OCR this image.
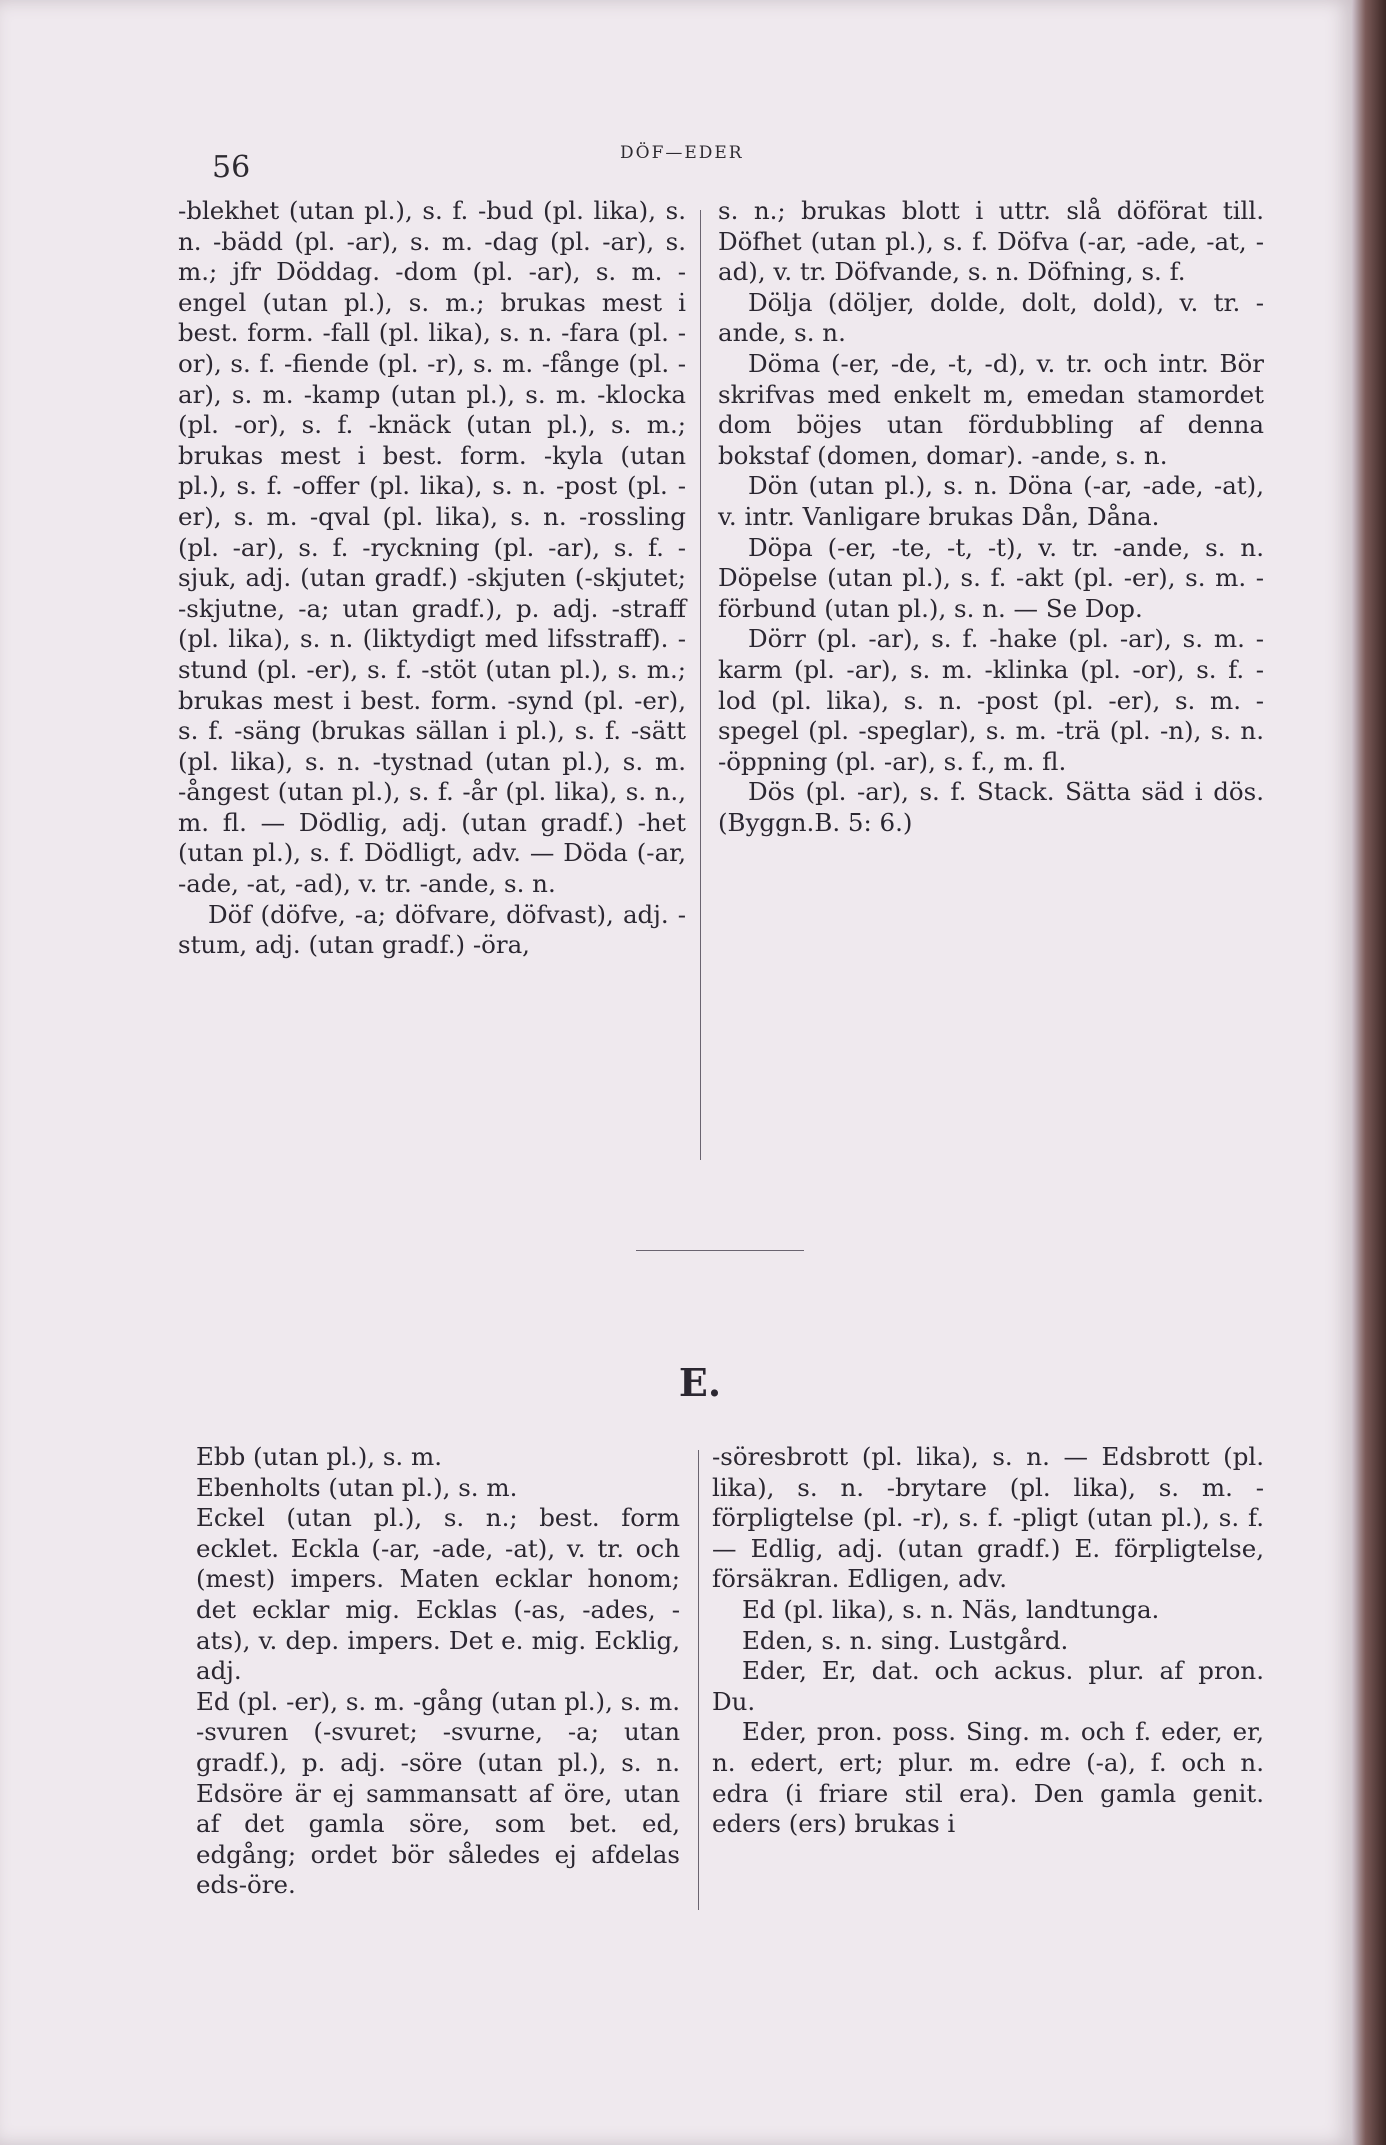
56	DÖF—EDER

-blekhet (utan pl.), s. f. -bud (pl. lika), s. n. -bädd (pl. -ar), s. m. -dag (pl. -ar), s. m.; jfr Döddag. -dom (pl. -ar), s. m. -engel (utan pl.), s. m.; brukas mest i best. form. -fall (pl. lika), s. n. -fara (pl. -or), s. f. -fiende (pl. -r), s. m. -fånge (pl. -ar), s. m. -kamp (utan pl.), s. m. -klocka (pl. -or), s. f. -knäck (utan pl.), s. m.; brukas mest i best. form. -kyla (utan pl.), s. f. -offer (pl. lika), s. n. -post (pl. -er), s. m. -qval (pl. lika), s. n. -rossling (pl. -ar), s. f. -ryckning (pl. -ar), s. f. -sjuk, adj. (utan gradf.) -skjuten (-skjutet; -skjutne, -a; utan gradf.), p. adj. -straff (pl. lika), s. n. (liktydigt med lifsstraff). -stund (pl. -er), s. f. -stöt (utan pl.), s. m.; brukas mest i best. form. -synd (pl. -er), s. f. -säng (brukas sällan i pl.), s. f. -sätt (pl. lika), s. n. -tystnad (utan pl.), s. m. -ångest (utan pl.), s. f. -år (pl. lika), s. n., m. fl. — Dödlig, adj. (utan gradf.) -het (utan pl.), s. f. Dödligt, adv. — Döda (-ar, -ade, -at, -ad), v. tr. -ande, s. n.

Döf (döfve, -a; döfvare, döfvast), adj. -stum, adj. (utan gradf.) -öra,

s. n.; brukas blott i uttr. slå döförat till. Döfhet (utan pl.), s. f. Döfva (-ar, -ade, -at, -ad), v. tr. Döfvande, s. n. Döfning, s. f.

Dölja (döljer, dolde, dolt, dold), v. tr. -ande, s. n.

Döma (-er, -de, -t, -d), v. tr. och intr. Bör skrifvas med enkelt m, emedan stamordet dom böjes utan fördubbling af denna bokstaf (domen, domar). -ande, s. n.

Dön (utan pl.), s. n. Döna (-ar, -ade, -at), v. intr. Vanligare brukas Dån, Dåna.

Döpa (-er, -te, -t, -t), v. tr. -ande, s. n. Döpelse (utan pl.), s. f. -akt (pl. -er), s. m. -förbund (utan pl.), s. n. — Se Dop.

Dörr (pl. -ar), s. f. -hake (pl. -ar), s. m. -karm (pl. -ar), s. m. -klinka (pl. -or), s. f. -lod (pl. lika), s. n. -post (pl. -er), s. m. -spegel (pl. -speglar), s. m. -trä (pl. -n), s. n. -öppning (pl. -ar), s. f., m. fl.

Dös (pl. -ar), s. f. Stack. Sätta säd i dös. (Byggn.B. 5: 6.)

E.

Ebb (utan pl.), s. m.

Ebenholts (utan pl.), s. m.

Eckel (utan pl.), s. n.; best. form ecklet. Eckla (-ar, -ade, -at), v. tr. och (mest) impers. Maten ecklar honom; det ecklar mig. Ecklas (-as, -ades, -ats), v. dep. impers. Det e. mig. Ecklig, adj.

Ed (pl. -er), s. m. -gång (utan pl.), s. m. -svuren (-svuret; -svurne, -a; utan gradf.), p. adj. -söre (utan pl.), s. n. Edsöre är ej sammansatt af öre, utan af det gamla söre, som bet. ed, edgång; ordet bör således ej afdelas eds-öre.

-söresbrott (pl. lika), s. n. — Edsbrott (pl. lika), s. n. -brytare (pl. lika), s. m. -förpligtelse (pl. -r), s. f. -pligt (utan pl.), s. f. — Edlig, adj. (utan gradf.) E. förpligtelse, försäkran. Edligen, adv.

Ed (pl. lika), s. n. Näs, landtunga.

Eden, s. n. sing. Lustgård.

Eder, Er, dat. och ackus. plur. af pron. Du.

Eder, pron. poss. Sing. m. och f. eder, er, n. edert, ert; plur. m. edre (-a), f. och n. edra (i friare stil era). Den gamla genit. eders (ers) brukas i
